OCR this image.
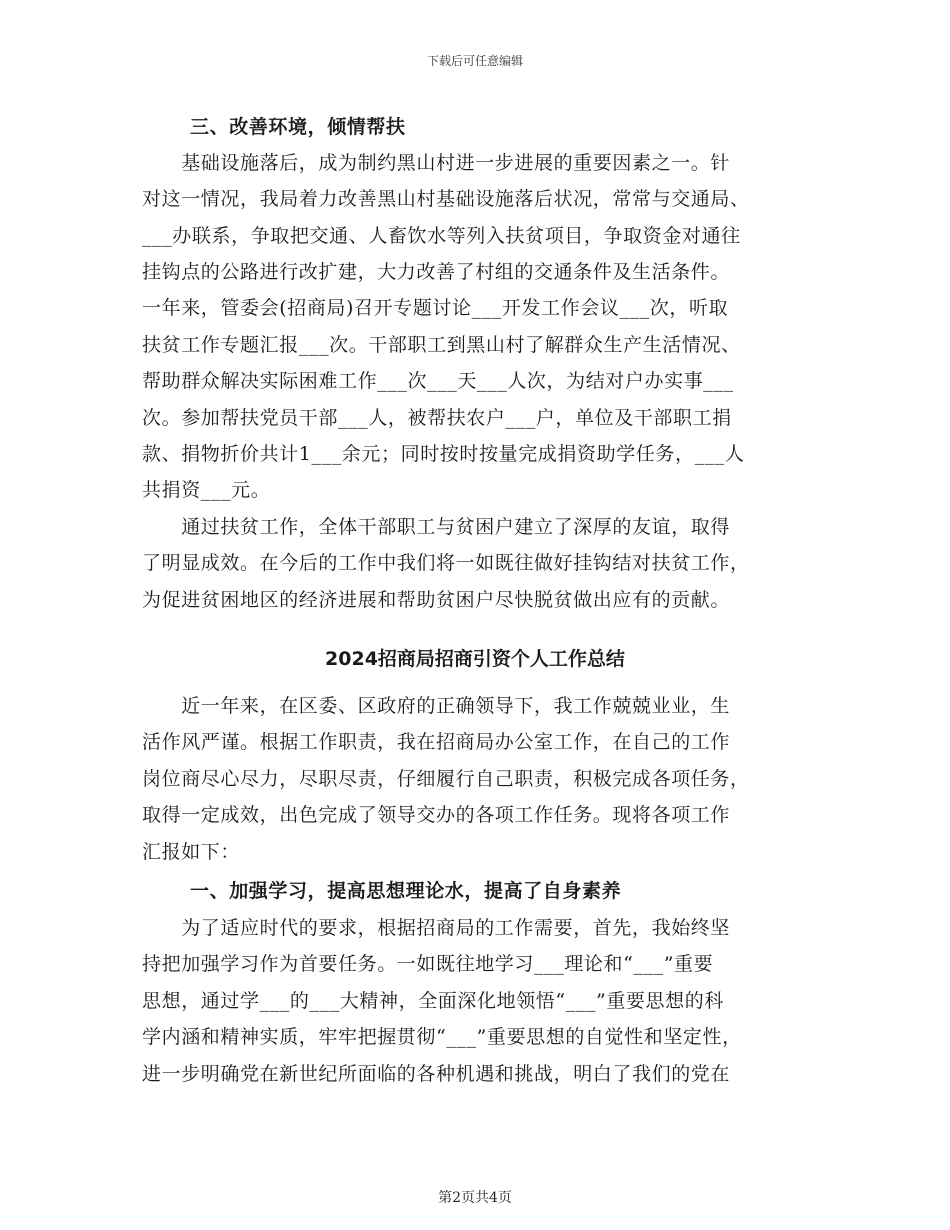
下载后可任意编辑
三、改善环境，倾情帮扶
　　基础设施落后，成为制约黑山村进一步进展的重要因素之一。针
对这一情况，我局着力改善黑山村基础设施落后状况，常常与交通局、
___办联系，争取把交通、人畜饮水等列入扶贫项目，争取资金对通往
挂钩点的公路进行改扩建，大力改善了村组的交通条件及生活条件。
一年来，管委会(招商局)召开专题讨论___开发工作会议___次，听取
扶贫工作专题汇报___次。干部职工到黑山村了解群众生产生活情况、
帮助群众解决实际困难工作___次___天___人次，为结对户办实事___
次。参加帮扶党员干部___人，被帮扶农户___户，单位及干部职工捐
款、捐物折价共计1___余元；同时按时按量完成捐资助学任务，___人
共捐资___元。
　　通过扶贫工作，全体干部职工与贫困户建立了深厚的友谊，取得
了明显成效。在今后的工作中我们将一如既往做好挂钩结对扶贫工作，
为促进贫困地区的经济进展和帮助贫困户尽快脱贫做出应有的贡献。
2024招商局招商引资个人工作总结
　　近一年来，在区委、区政府的正确领导下，我工作兢兢业业，生
活作风严谨。根据工作职责，我在招商局办公室工作，在自己的工作
岗位商尽心尽力，尽职尽责，仔细履行自己职责，积极完成各项任务，
取得一定成效，出色完成了领导交办的各项工作任务。现将各项工作
汇报如下：
一、加强学习，提高思想理论水，提高了自身素养
　　为了适应时代的要求，根据招商局的工作需要，首先，我始终坚
持把加强学习作为首要任务。一如既往地学习___理论和“___”重要
思想，通过学___的___大精神，全面深化地领悟“___”重要思想的科
学内涵和精神实质，牢牢把握贯彻“___”重要思想的自觉性和坚定性，
进一步明确党在新世纪所面临的各种机遇和挑战，明白了我们的党在
第2页共4页
